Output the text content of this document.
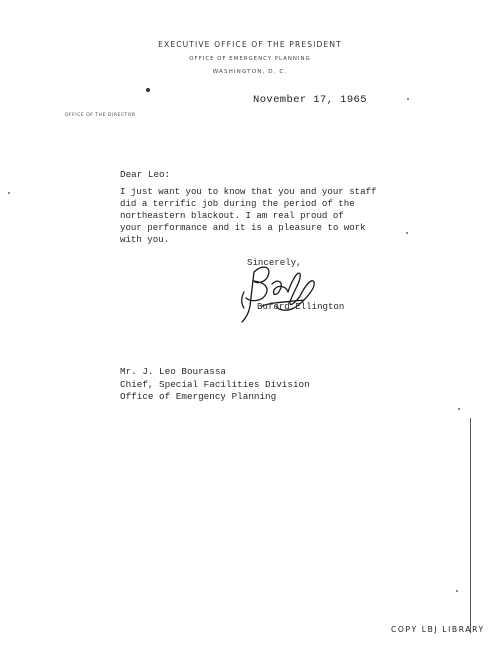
EXECUTIVE OFFICE OF THE PRESIDENT
OFFICE OF EMERGENCY PLANNING
WASHINGTON, D. C.
OFFICE OF THE DIRECTOR
November 17, 1965
Dear Leo:
I just want you to know that you and your staff
did a terrific job during the period of the
northeastern blackout. I am real proud of
your performance and it is a pleasure to work
with you.
Sincerely,
Buford Ellington
Mr. J. Leo Bourassa
Chief, Special Facilities Division
Office of Emergency Planning
COPY LBJ LIBRARY
